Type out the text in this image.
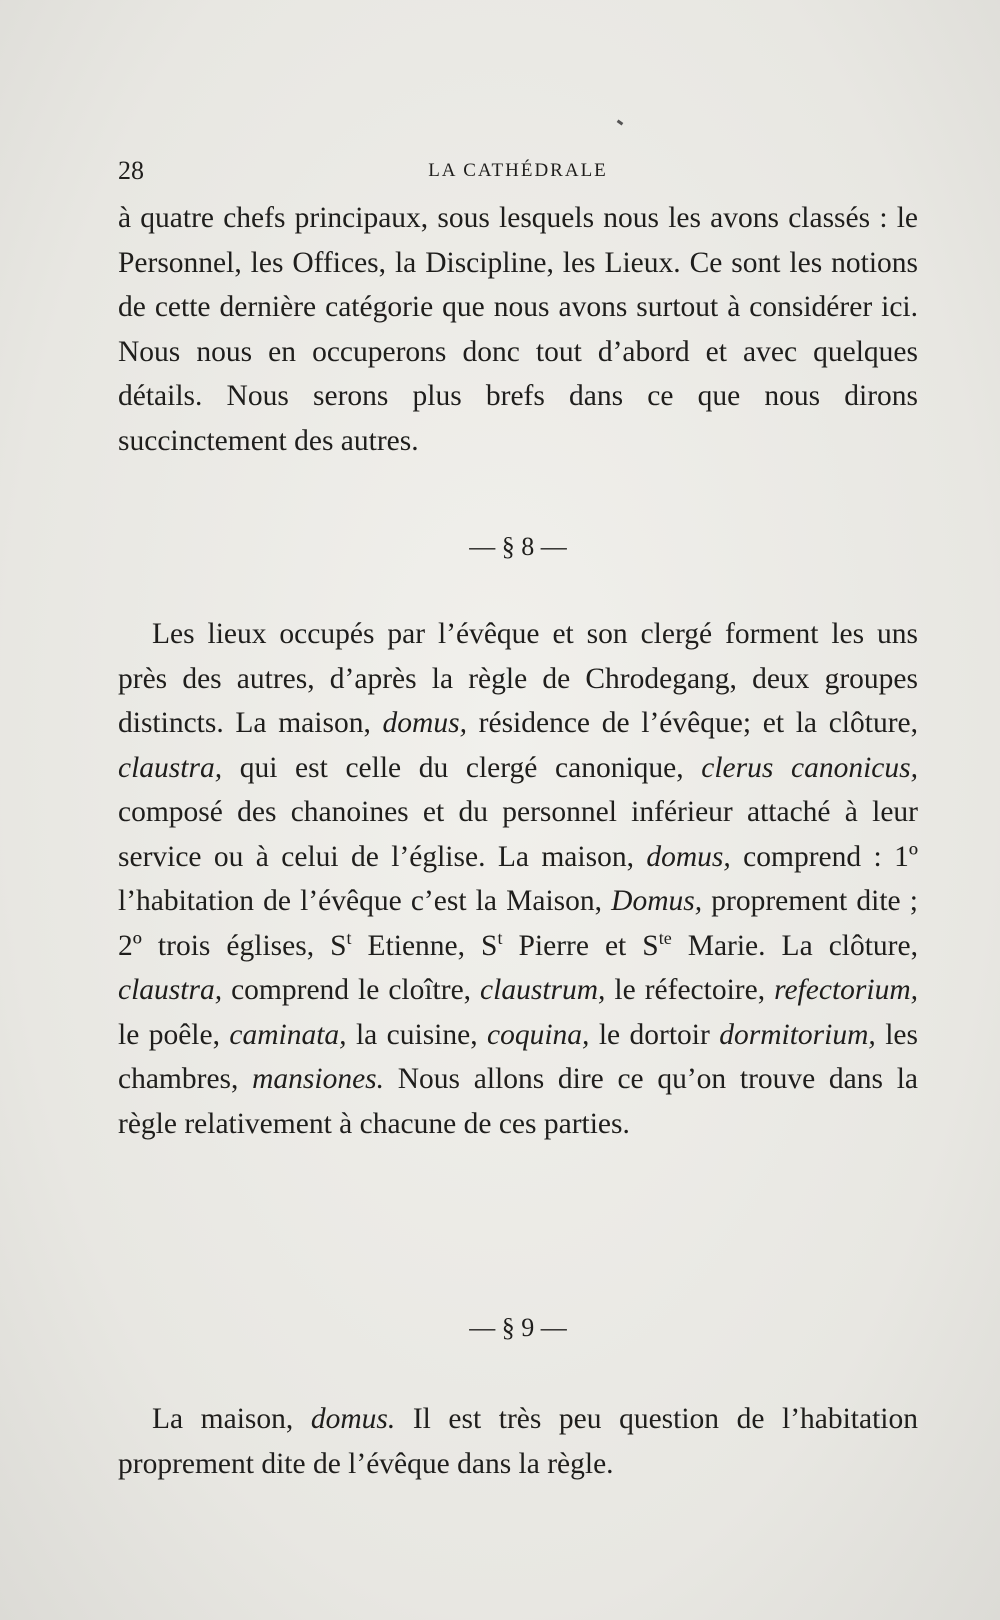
28	LA CATHÉDRALE

à quatre chefs principaux, sous lesquels nous les avons classés : le Personnel, les Offices, la Discipline, les Lieux. Ce sont les notions de cette dernière catégorie que nous avons surtout à considérer ici. Nous nous en occuperons donc tout d’abord et avec quelques détails. Nous serons plus brefs dans ce que nous dirons succinctement des autres.

— § 8 —

Les lieux occupés par l’évêque et son clergé forment les uns près des autres, d’après la règle de Chrodegang, deux groupes distincts. La maison, domus, résidence de l’évêque; et la clôture, claustra, qui est celle du clergé canonique, clerus canonicus, composé des chanoines et du personnel inférieur attaché à leur service ou à celui de l’église. La maison, domus, comprend : 1º l’habitation de l’évêque c’est la Maison, Domus, proprement dite ; 2º trois églises, $S^t$ Etienne, $S^t$ Pierre et $S^{te}$ Marie. La clôture, claustra, comprend le cloître, claustrum, le réfectoire, refectorium, le poêle, caminata, la cuisine, coquina, le dortoir dormitorium, les chambres, mansiones. Nous allons dire ce qu’on trouve dans la règle relativement à chacune de ces parties.

— § 9 —

La maison, domus. Il est très peu question de l’habitation proprement dite de l’évêque dans la règle.
